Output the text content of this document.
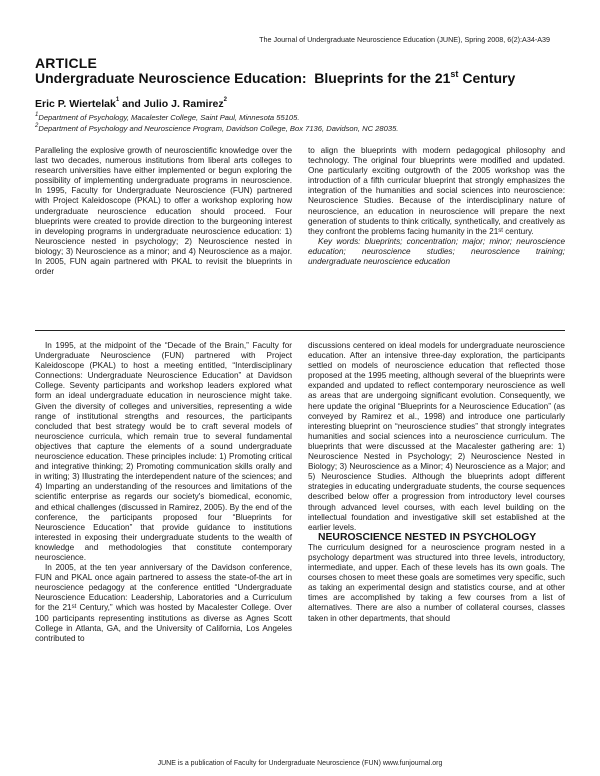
The Journal of Undergraduate Neuroscience Education (JUNE), Spring 2008, 6(2):A34-A39
ARTICLE
Undergraduate Neuroscience Education:  Blueprints for the 21st Century
Eric P. Wiertelak$^1$ and Julio J. Ramirez$^2$
$^1$Department of Psychology, Macalester College, Saint Paul, Minnesota 55105.
$^2$Department of Psychology and Neuroscience Program, Davidson College, Box 7136, Davidson, NC 28035.

Paralleling the explosive growth of neuroscientific knowledge over the last two decades, numerous institutions from liberal arts colleges to research universities have either implemented or begun exploring the possibility of implementing undergraduate programs in neuroscience. In 1995, Faculty for Undergraduate Neuroscience (FUN) partnered with Project Kaleidoscope (PKAL) to offer a workshop exploring how undergraduate neuroscience education should proceed. Four blueprints were created to provide direction to the burgeoning interest in developing programs in undergraduate neuroscience education: 1) Neuroscience nested in psychology; 2) Neuroscience nested in biology; 3) Neuroscience as a minor; and 4) Neuroscience as a major. In 2005, FUN again partnered with PKAL to revisit the blueprints in order

to align the blueprints with modern pedagogical philosophy and technology. The original four blueprints were modified and updated. One particularly exciting outgrowth of the 2005 workshop was the introduction of a fifth curricular blueprint that strongly emphasizes the integration of the humanities and social sciences into neuroscience: Neuroscience Studies. Because of the interdisciplinary nature of neuroscience, an education in neuroscience will prepare the next generation of students to think critically, synthetically, and creatively as they confront the problems facing humanity in the 21st century.

Key words: blueprints; concentration; major; minor; neuroscience education; neuroscience studies; neuroscience training; undergraduate neuroscience education

In 1995, at the midpoint of the “Decade of the Brain,” Faculty for Undergraduate Neuroscience (FUN) partnered with Project Kaleidoscope (PKAL) to host a meeting entitled, “Interdisciplinary Connections: Undergraduate Neuroscience Education” at Davidson College. Seventy participants and workshop leaders explored what form an ideal undergraduate education in neuroscience might take. Given the diversity of colleges and universities, representing a wide range of institutional strengths and resources, the participants concluded that best strategy would be to craft several models of neuroscience curricula, which remain true to several fundamental objectives that capture the elements of a sound undergraduate neuroscience education. These principles include: 1) Promoting critical and integrative thinking; 2) Promoting communication skills orally and in writing; 3) Illustrating the interdependent nature of the sciences; and 4) Imparting an understanding of the resources and limitations of the scientific enterprise as regards our society's biomedical, economic, and ethical challenges (discussed in Ramirez, 2005). By the end of the conference, the participants proposed four “Blueprints for Neuroscience Education” that provide guidance to institutions interested in exposing their undergraduate students to the wealth of knowledge and methodologies that constitute contemporary neuroscience.

In 2005, at the ten year anniversary of the Davidson conference, FUN and PKAL once again partnered to assess the state-of-the art in neuroscience pedagogy at the conference entitled “Undergraduate Neuroscience Education: Leadership, Laboratories and a Curriculum for the 21st Century,” which was hosted by Macalester College. Over 100 participants representing institutions as diverse as Agnes Scott College in Atlanta, GA, and the University of California, Los Angeles contributed to

discussions centered on ideal models for undergraduate neuroscience education. After an intensive three-day exploration, the participants settled on models of neuroscience education that reflected those proposed at the 1995 meeting, although several of the blueprints were expanded and updated to reflect contemporary neuroscience as well as areas that are undergoing significant evolution. Consequently, we here update the original “Blueprints for a Neuroscience Education” (as conveyed by Ramirez et al., 1998) and introduce one particularly interesting blueprint on “neuroscience studies” that strongly integrates humanities and social sciences into a neuroscience curriculum. The blueprints that were discussed at the Macalester gathering are: 1) Neuroscience Nested in Psychology; 2) Neuroscience Nested in Biology; 3) Neuroscience as a Minor; 4) Neuroscience as a Major; and 5) Neuroscience Studies. Although the blueprints adopt different strategies in educating undergraduate students, the course sequences described below offer a progression from introductory level courses through advanced level courses, with each level building on the intellectual foundation and investigative skill set established at the earlier levels.

NEUROSCIENCE NESTED IN PSYCHOLOGY

The curriculum designed for a neuroscience program nested in a psychology department was structured into three levels, introductory, intermediate, and upper. Each of these levels has its own goals. The courses chosen to meet these goals are sometimes very specific, such as taking an experimental design and statistics course, and at other times are accomplished by taking a few courses from a list of alternatives. There are also a number of collateral courses, classes taken in other departments, that should

JUNE is a publication of Faculty for Undergraduate Neuroscience (FUN) www.funjournal.org
